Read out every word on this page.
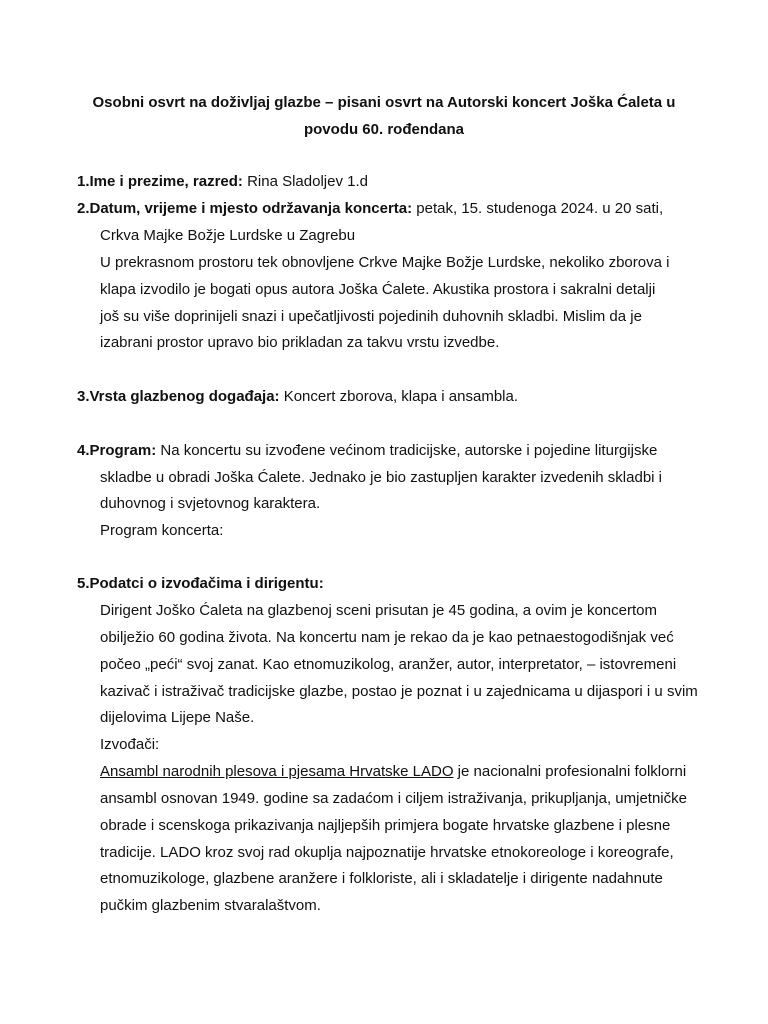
Osobni osvrt na doživljaj glazbe – pisani osvrt na Autorski koncert Joška Ćaleta u
povodu 60. rođendana
1.Ime i prezime, razred: Rina Sladoljev 1.d
2.Datum, vrijeme i mjesto održavanja koncerta: petak, 15. studenoga 2024. u 20 sati,
Crkva Majke Božje Lurdske u Zagrebu
U prekrasnom prostoru tek obnovljene Crkve Majke Božje Lurdske, nekoliko zborova i
klapa izvodilo je bogati opus autora Joška Ćalete. Akustika prostora i sakralni detalji
još su više doprinijeli snazi i upečatljivosti pojedinih duhovnih skladbi. Mislim da je
izabrani prostor upravo bio prikladan za takvu vrstu izvedbe.
3.Vrsta glazbenog događaja: Koncert zborova, klapa i ansambla.
4.Program: Na koncertu su izvođene većinom tradicijske, autorske i pojedine liturgijske
skladbe u obradi Joška Ćalete. Jednako je bio zastupljen karakter izvedenih skladbi i
duhovnog i svjetovnog karaktera.
Program koncerta:
5.Podatci o izvođačima i dirigentu:
Dirigent Joško Ćaleta na glazbenoj sceni prisutan je 45 godina, a ovim je koncertom
obilježio 60 godina života. Na koncertu nam je rekao da je kao petnaestogodišnjak već
počeo „peći“ svoj zanat. Kao etnomuzikolog, aranžer, autor, interpretator, – istovremeni
kazivač i istraživač tradicijske glazbe, postao je poznat i u zajednicama u dijaspori i u svim
dijelovima Lijepe Naše.
Izvođači:
Ansambl narodnih plesova i pjesama Hrvatske LADO je nacionalni profesionalni folklorni
ansambl osnovan 1949. godine sa zadaćom i ciljem istraživanja, prikupljanja, umjetničke
obrade i scenskoga prikazivanja najljepših primjera bogate hrvatske glazbene i plesne
tradicije. LADO kroz svoj rad okuplja najpoznatije hrvatske etnokoreologe i koreografe,
etnomuzikologe, glazbene aranžere i folkloriste, ali i skladatelje i dirigente nadahnute
pučkim glazbenim stvaralaštvom.
